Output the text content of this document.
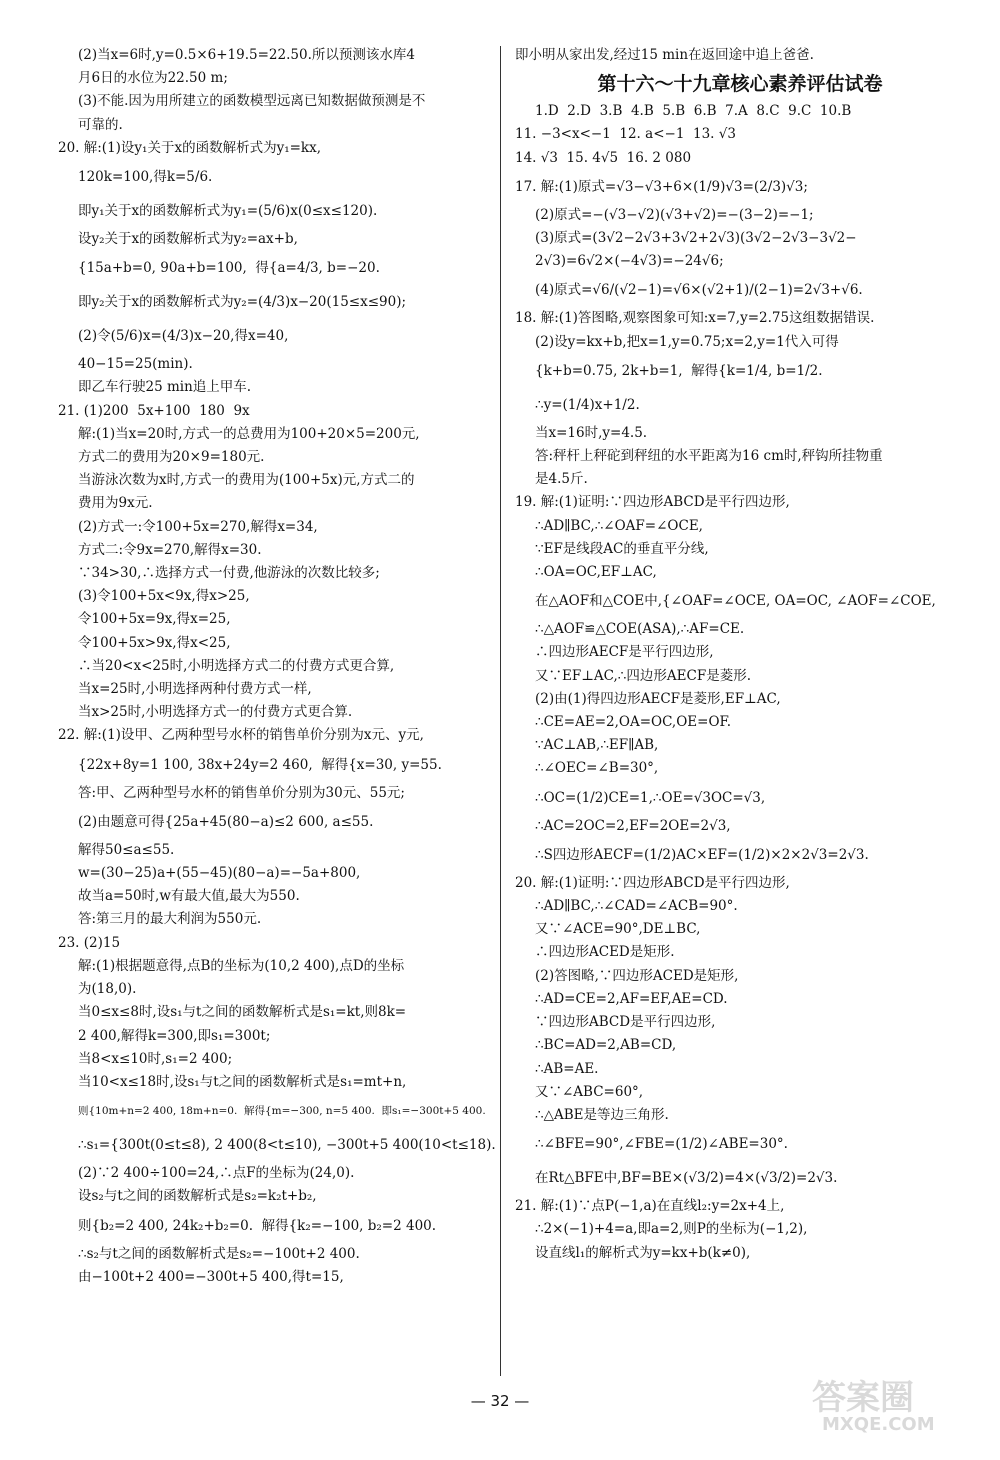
(2)当x=6时,y=0.5×6+19.5=22.50.所以预测该水库4

月6日的水位为22.50 m;

(3)不能.因为用所建立的函数模型远离已知数据做预测是不

可靠的.

20. 解:(1)设y₁关于x的函数解析式为y₁=kx,

120k=100,得k=5/6.

即y₁关于x的函数解析式为y₁=(5/6)x(0≤x≤120).

设y₂关于x的函数解析式为y₂=ax+b,

{15a+b=0, 90a+b=100,  得{a=4/3, b=−20.

即y₂关于x的函数解析式为y₂=(4/3)x−20(15≤x≤90);

(2)令(5/6)x=(4/3)x−20,得x=40,

40−15=25(min).

即乙车行驶25 min追上甲车.

21. (1)200  5x+100  180  9x

解:(1)当x=20时,方式一的总费用为100+20×5=200元,

方式二的费用为20×9=180元.

当游泳次数为x时,方式一的费用为(100+5x)元,方式二的

费用为9x元.

(2)方式一:令100+5x=270,解得x=34,

方式二:令9x=270,解得x=30.

∵34>30,∴选择方式一付费,他游泳的次数比较多;

(3)令100+5x<9x,得x>25,

令100+5x=9x,得x=25,

令100+5x>9x,得x<25,

∴当20<x<25时,小明选择方式二的付费方式更合算,

当x=25时,小明选择两种付费方式一样,

当x>25时,小明选择方式一的付费方式更合算.

22. 解:(1)设甲、乙两种型号水杯的销售单价分别为x元、y元,

{22x+8y=1 100, 38x+24y=2 460,  解得{x=30, y=55.

答:甲、乙两种型号水杯的销售单价分别为30元、55元;

(2)由题意可得{25a+45(80−a)≤2 600, a≤55.

解得50≤a≤55.

w=(30−25)a+(55−45)(80−a)=−5a+800,

故当a=50时,w有最大值,最大为550.

答:第三月的最大利润为550元.

23. (2)15

解:(1)根据题意得,点B的坐标为(10,2 400),点D的坐标

为(18,0).

当0≤x≤8时,设s₁与t之间的函数解析式是s₁=kt,则8k=

2 400,解得k=300,即s₁=300t;

当8<x≤10时,s₁=2 400;

当10<x≤18时,设s₁与t之间的函数解析式是s₁=mt+n,

则{10m+n=2 400, 18m+n=0.  解得{m=−300, n=5 400.  即s₁=−300t+5 400.

∴s₁={300t(0≤t≤8), 2 400(8<t≤10), −300t+5 400(10<t≤18).

(2)∵2 400÷100=24,∴点F的坐标为(24,0).

设s₂与t之间的函数解析式是s₂=k₂t+b₂,

则{b₂=2 400, 24k₂+b₂=0.  解得{k₂=−100, b₂=2 400.

∴s₂与t之间的函数解析式是s₂=−100t+2 400.

由−100t+2 400=−300t+5 400,得t=15,

即小明从家出发,经过15 min在返回途中追上爸爸.

第十六～十九章核心素养评估试卷

1.D  2.D  3.B  4.B  5.B  6.B  7.A  8.C  9.C  10.B

11. −3<x<−1  12. a<−1  13. √3

14. √3  15. 4√5  16. 2 080

17. 解:(1)原式=√3−√3+6×(1/9)√3=(2/3)√3;

(2)原式=−(√3−√2)(√3+√2)=−(3−2)=−1;

(3)原式=(3√2−2√3+3√2+2√3)(3√2−2√3−3√2−

2√3)=6√2×(−4√3)=−24√6;

(4)原式=√6/(√2−1)=√6×(√2+1)/(2−1)=2√3+√6.

18. 解:(1)答图略,观察图象可知:x=7,y=2.75这组数据错误.

(2)设y=kx+b,把x=1,y=0.75;x=2,y=1代入可得

{k+b=0.75, 2k+b=1,  解得{k=1/4, b=1/2.

∴y=(1/4)x+1/2.

当x=16时,y=4.5.

答:秤杆上秤砣到秤纽的水平距离为16 cm时,秤钩所挂物重

是4.5斤.

19. 解:(1)证明:∵四边形ABCD是平行四边形,

∴AD∥BC,∴∠OAF=∠OCE,

∵EF是线段AC的垂直平分线,

∴OA=OC,EF⊥AC,

在△AOF和△COE中,{∠OAF=∠OCE, OA=OC, ∠AOF=∠COE,

∴△AOF≌△COE(ASA),∴AF=CE.

∴四边形AECF是平行四边形,

又∵EF⊥AC,∴四边形AECF是菱形.

(2)由(1)得四边形AECF是菱形,EF⊥AC,

∴CE=AE=2,OA=OC,OE=OF.

∵AC⊥AB,∴EF∥AB,

∴∠OEC=∠B=30°,

∴OC=(1/2)CE=1,∴OE=√3OC=√3,

∴AC=2OC=2,EF=2OE=2√3,

∴S四边形AECF=(1/2)AC×EF=(1/2)×2×2√3=2√3.

20. 解:(1)证明:∵四边形ABCD是平行四边形,

∴AD∥BC,∴∠CAD=∠ACB=90°.

又∵∠ACE=90°,DE⊥BC,

∴四边形ACED是矩形.

(2)答图略,∵四边形ACED是矩形,

∴AD=CE=2,AF=EF,AE=CD.

∵四边形ABCD是平行四边形,

∴BC=AD=2,AB=CD,

∴AB=AE.

又∵∠ABC=60°,

∴△ABE是等边三角形.

∴∠BFE=90°,∠FBE=(1/2)∠ABE=30°.

在Rt△BFE中,BF=BE×(√3/2)=4×(√3/2)=2√3.

21. 解:(1)∵点P(−1,a)在直线l₂:y=2x+4上,

∴2×(−1)+4=a,即a=2,则P的坐标为(−1,2),

设直线l₁的解析式为y=kx+b(k≠0),

— 32 —	答案圈
MXQE.COM
